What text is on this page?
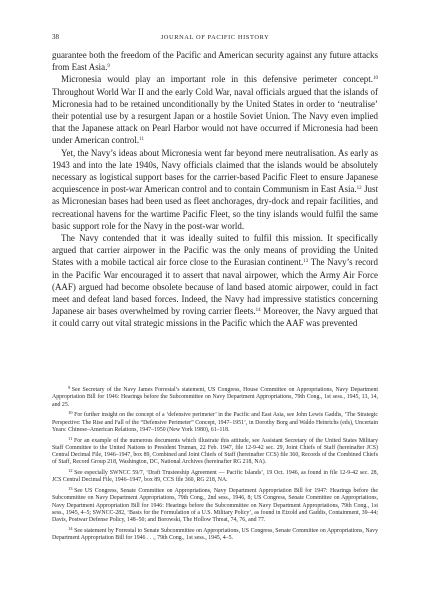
38	JOURNAL OF PACIFIC HISTORY

guarantee both the freedom of the Pacific and American security against any future attacks from East Asia.$^9$

Micronesia would play an important role in this defensive perimeter concept.$^{10}$ Throughout World War II and the early Cold War, naval officials argued that the islands of Micronesia had to be retained unconditionally by the United States in order to ‘neutralise’ their potential use by a resurgent Japan or a hostile Soviet Union. The Navy even implied that the Japanese attack on Pearl Harbor would not have occurred if Micronesia had been under American control.$^{11}$

Yet, the Navy’s ideas about Micronesia went far beyond mere neutralisation. As early as 1943 and into the late 1940s, Navy officials claimed that the islands would be absolutely necessary as logistical support bases for the carrier-based Pacific Fleet to ensure Japanese acquiescence in post-war American control and to contain Communism in East Asia.$^{12}$ Just as Micronesian bases had been used as fleet anchorages, dry-dock and repair facilities, and recreational havens for the wartime Pacific Fleet, so the tiny islands would fulfil the same basic support role for the Navy in the post-war world.

The Navy contended that it was ideally suited to fulfil this mission. It specifically argued that carrier airpower in the Pacific was the only means of providing the United States with a mobile tactical air force close to the Eurasian continent.$^{13}$ The Navy’s record in the Pacific War encouraged it to assert that naval airpower, which the Army Air Force (AAF) argued had become obsolete because of land based atomic airpower, could in fact meet and defeat land based forces. Indeed, the Navy had impressive statistics concerning Japanese air bases overwhelmed by roving carrier fleets.$^{14}$ Moreover, the Navy argued that it could carry out vital strategic missions in the Pacific which the AAF was prevented

9 See Secretary of the Navy James Forrestal’s statement, US Congress, House Committee on Appropriations, Navy Department Appropriation Bill for 1946: Hearings before the Subcommittee on Navy Department Appropriations, 79th Cong., 1st sess., 1945, 13, 14, and 25.

10 For further insight on the concept of a ‘defensive perimeter’ in the Pacific and East Asia, see John Lewis Gaddis, ‘The Strategic Perspective: The Rise and Fall of the “Defensive Perimeter” Concept, 1947–1951’, in Dorothy Borg and Waldo Heinrichs (eds), Uncertain Years: Chinese–American Relations, 1947–1950 (New York 1980), 61–118.

11 For an example of the numerous documents which illustrate this attitude, see Assistant Secretary of the United States Military Staff Committee to the United Nations to President Truman, 22 Feb. 1947, file 12-9-42 sec. 29, Joint Chiefs of Staff (hereinafter JCS) Central Decimal File, 1946–1947, box 89, Combined and Joint Chiefs of Staff (hereinafter CCS) file 360, Records of the Combined Chiefs of Staff, Record Group 218, Washington, DC, National Archives (hereinafter RG 218, NA).

12 See especially SWNCC 59/7, ‘Draft Trusteeship Agreement — Pacific Islands’, 19 Oct. 1946, as found in file 12-9-42 sec. 28, JCS Central Decimal File, 1946–1947, box 89, CCS file 360, RG 218, NA.

13 See US Congress, Senate Committee on Appropriations, Navy Department Appropriation Bill for 1947: Hearings before the Subcommittee on Navy Department Appropriations, 79th Cong., 2nd sess., 1946, 8; US Congress, Senate Committee on Appropriations, Navy Department Appropriation Bill for 1946: Hearings before the Subcommittee on Navy Department Appropriations, 79th Cong., 1st sess., 1945, 4–5; SWNCC-282, ‘Basis for the Formulation of a U.S. Military Policy’, as found in Etzold and Gaddis, Containment, 39–44; Davis, Postwar Defense Policy, 148–50; and Borowski, The Hollow Threat, 74, 76, and 77.

14 See statement by Forrestal to Senate Subcommittee on Appropriations, US Congress, Senate Committee on Appropriations, Navy Department Appropriation Bill for 1946 . . ., 79th Cong., 1st sess., 1945, 4–5.
